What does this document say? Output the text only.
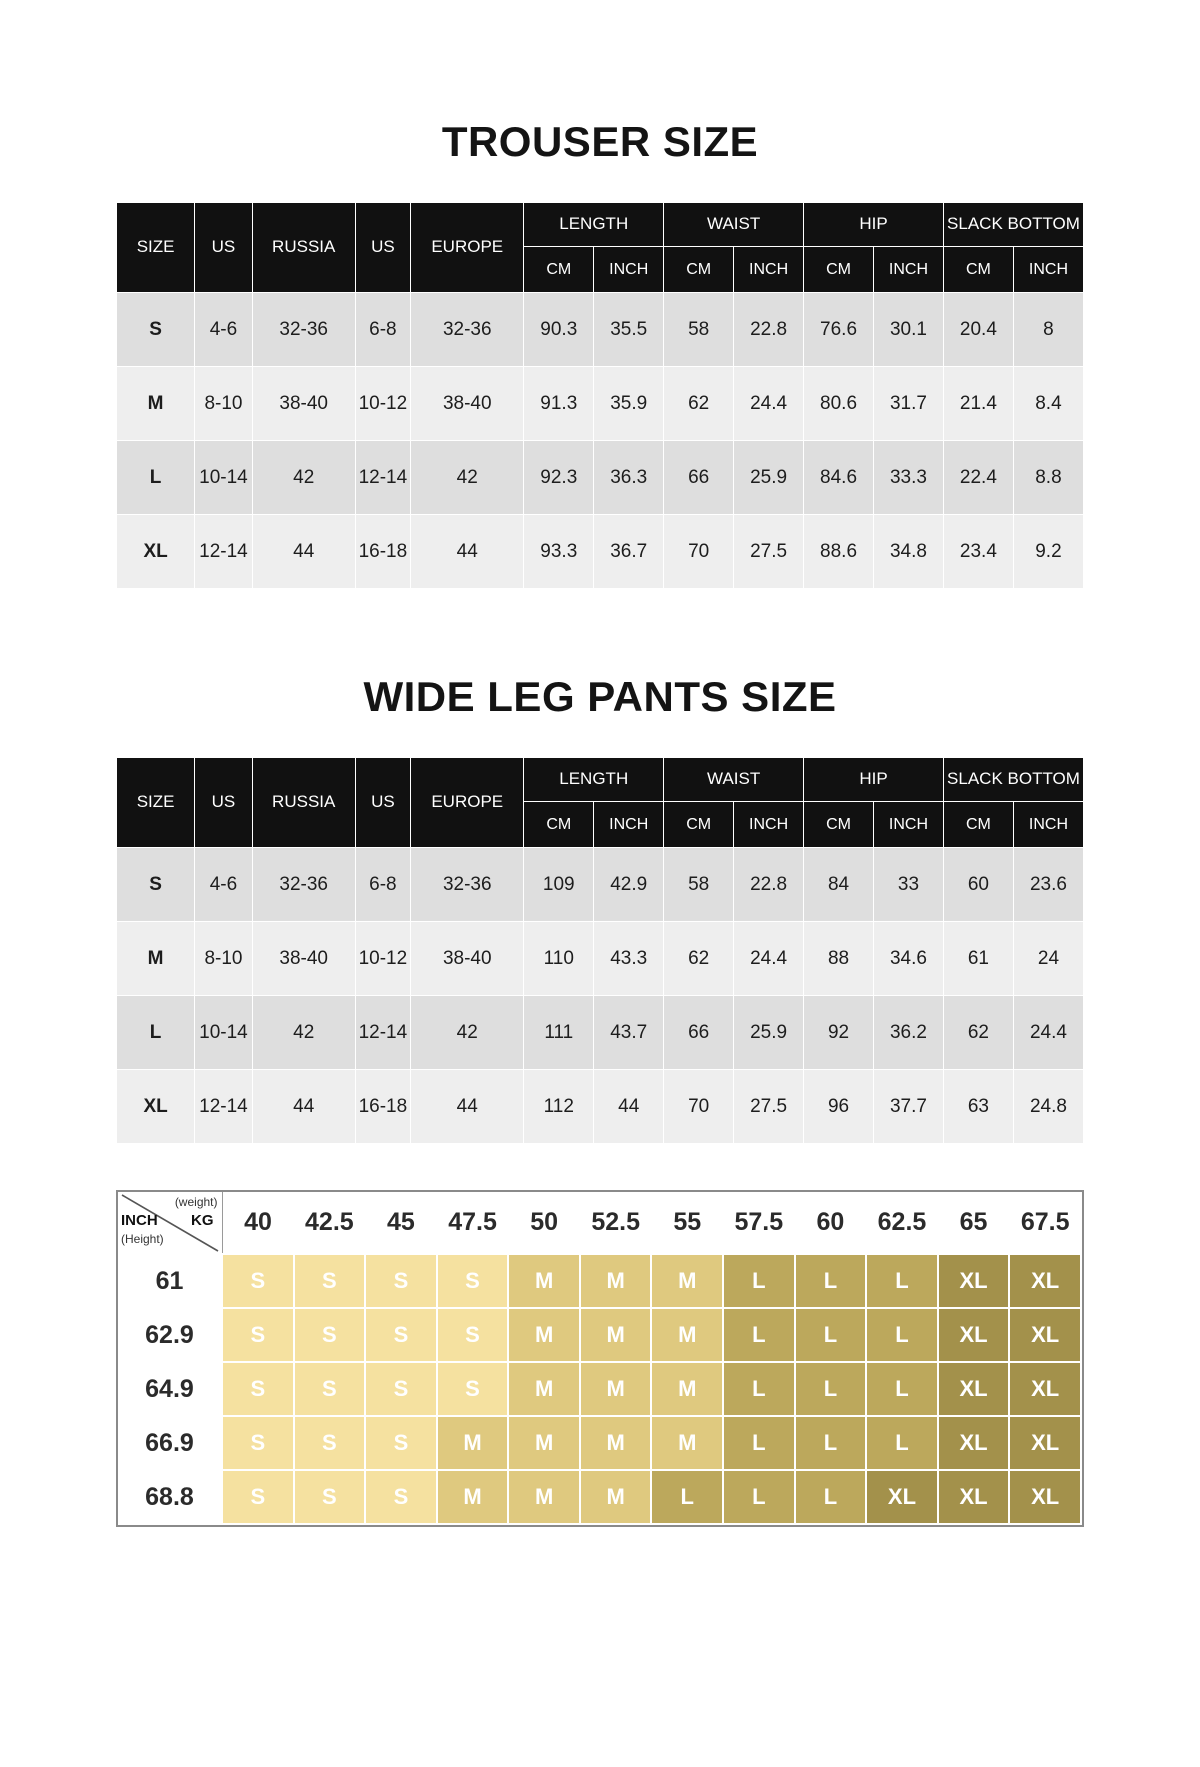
TROUSER SIZE
SIZE	US	RUSSIA	US	EUROPE	LENGTH		WAIST		HIP		SLACK BOTTOM	
					CM	INCH	CM	INCH	CM	INCH	CM	INCH
S	4-6	32-36	6-8	32-36	90.3	35.5	58	22.8	76.6	30.1	20.4	8
M	8-10	38-40	10-12	38-40	91.3	35.9	62	24.4	80.6	31.7	21.4	8.4
L	10-14	42	12-14	42	92.3	36.3	66	25.9	84.6	33.3	22.4	8.8
XL	12-14	44	16-18	44	93.3	36.7	70	27.5	88.6	34.8	23.4	9.2
WIDE LEG PANTS SIZE
SIZE	US	RUSSIA	US	EUROPE	LENGTH		WAIST		HIP		SLACK BOTTOM	
					CM	INCH	CM	INCH	CM	INCH	CM	INCH
S	4-6	32-36	6-8	32-36	109	42.9	58	22.8	84	33	60	23.6
M	8-10	38-40	10-12	38-40	110	43.3	62	24.4	88	34.6	61	24
L	10-14	42	12-14	42	111	43.7	66	25.9	92	36.2	62	24.4
XL	12-14	44	16-18	44	112	44	70	27.5	96	37.7	63	24.8
(weight)
KG
INCH
(Height)	40	42.5	45	47.5	50	52.5	55	57.5	60	62.5	65	67.5
61	S	S	S	S	M	M	M	L	L	L	XL	XL
62.9	S	S	S	S	M	M	M	L	L	L	XL	XL
64.9	S	S	S	S	M	M	M	L	L	L	XL	XL
66.9	S	S	S	M	M	M	M	L	L	L	XL	XL
68.8	S	S	S	M	M	M	L	L	L	XL	XL	XL
